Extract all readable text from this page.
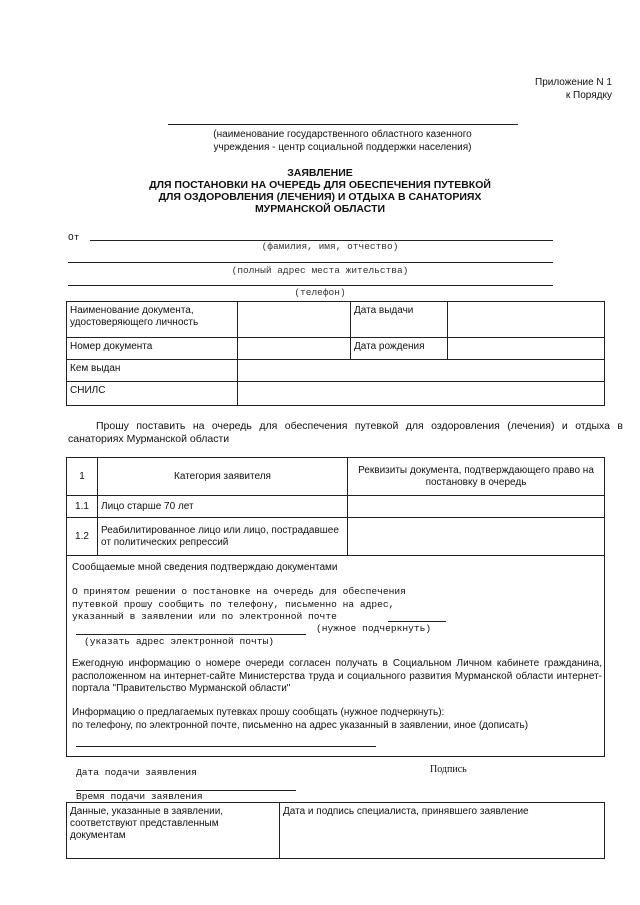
Приложение N 1
к Порядку
(наименование государственного областного казенного
учреждения - центр социальной поддержки населения)
ЗАЯВЛЕНИЕ
ДЛЯ ПОСТАНОВКИ НА ОЧЕРЕДЬ ДЛЯ ОБЕСПЕЧЕНИЯ ПУТЕВКОЙ
ДЛЯ ОЗДОРОВЛЕНИЯ (ЛЕЧЕНИЯ) И ОТДЫХА В САНАТОРИЯХ
МУРМАНСКОЙ ОБЛАСТИ
От
(фамилия, имя, отчество)
(полный адрес места жительства)
(телефон)
Наименование документа, удостоверяющего личность		Дата выдачи	
Номер документа		Дата рождения	
Кем выдан			
СНИЛС			
Прошу поставить на очередь для обеспечения путевкой для оздоровления (лечения) и отдыха в санаториях Мурманской области
1	Категория заявителя	Реквизиты документа, подтверждающего право на постановку в очередь
1.1	Лицо старше 70 лет	
1.2	Реабилитированное лицо или лицо, пострадавшее от политических репрессий	
Сообщаемые мной сведения подтверждаю документами
О принятом решении о постановке на очередь для обеспечения
путевкой прошу сообщить по телефону, письменно на адрес,
указанный в заявлении или по электронной почте
(нужное подчеркнуть)
(указать адрес электронной почты)
Ежегодную информацию о номере очереди согласен получать в Социальном Личном кабинете гражданина, расположенном на интернет-сайте Министерства труда и социального развития Мурманской области интернет-портала "Правительство Мурманской области"
Информацию о предлагаемых путевках прошу сообщать (нужное подчеркнуть):
по телефону, по электронной почте, письменно на адрес указанный в заявлении, иное (дописать)
Дата подачи заявления	Подпись
Время подачи заявления
Данные, указанные в заявлении, соответствуют представленным документам	Дата и подпись специалиста, принявшего заявление
